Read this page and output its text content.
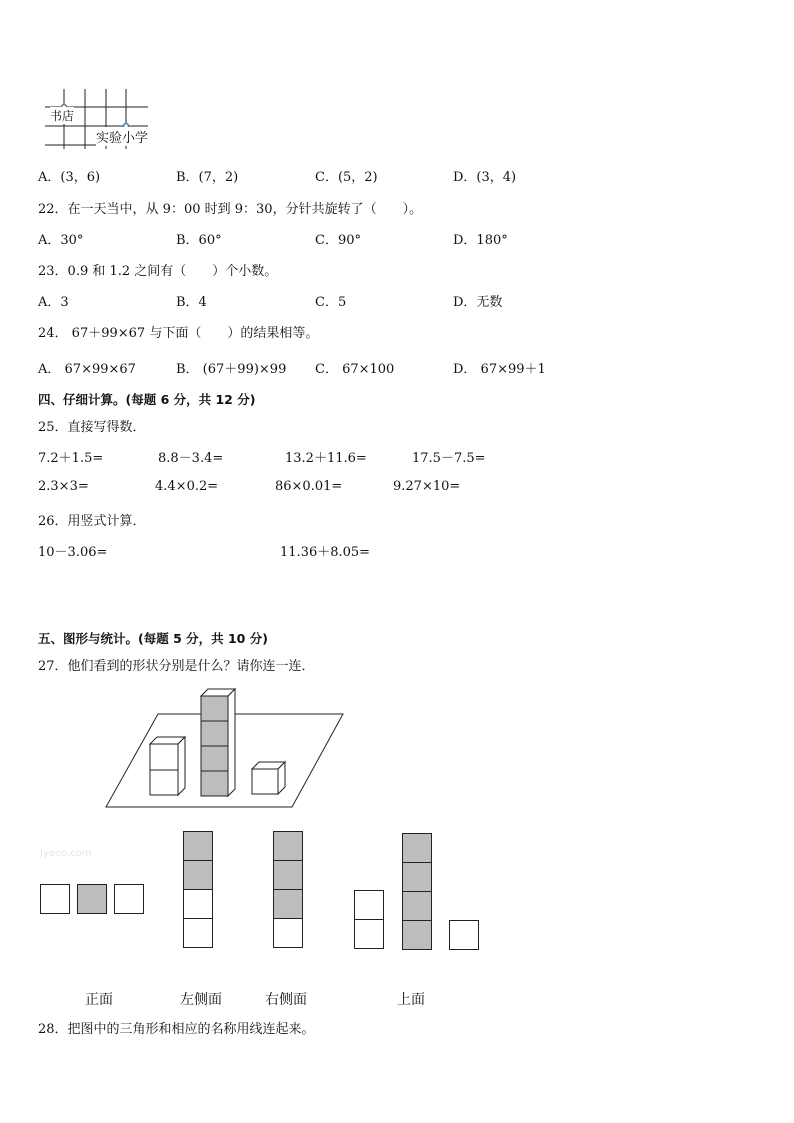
书店
实验小学
A．(3，6)	B．(7，2)	C．(5，2)	D．(3，4)
22．在一天当中，从 9：00 时到 9：30，分针共旋转了（　　）。
A．30°	B．60°	C．90°	D．180°
23．0.9 和 1.2 之间有（　　）个小数。
A．3	B．4	C．5	D．无数
24． 67＋99×67 与下面（　　）的结果相等。
A． 67×99×67	B． (67＋99)×99 C． 67×100	D． 67×99＋1
四、仔细计算。(每题 6 分，共 12 分)
25．直接写得数．
7.2＋1.5=	8.8－3.4=	13.2＋11.6=	17.5－7.5=
2.3×3=	4.4×0.2=	86×0.01=	9.27×10=
26．用竖式计算．
10－3.06=	11.36＋8.05=
五、图形与统计。(每题 5 分，共 10 分)
27．他们看到的形状分别是什么？请你连一连．
Jyeoo.com
正面	左侧面	右侧面	上面
28．把图中的三角形和相应的名称用线连起来。
